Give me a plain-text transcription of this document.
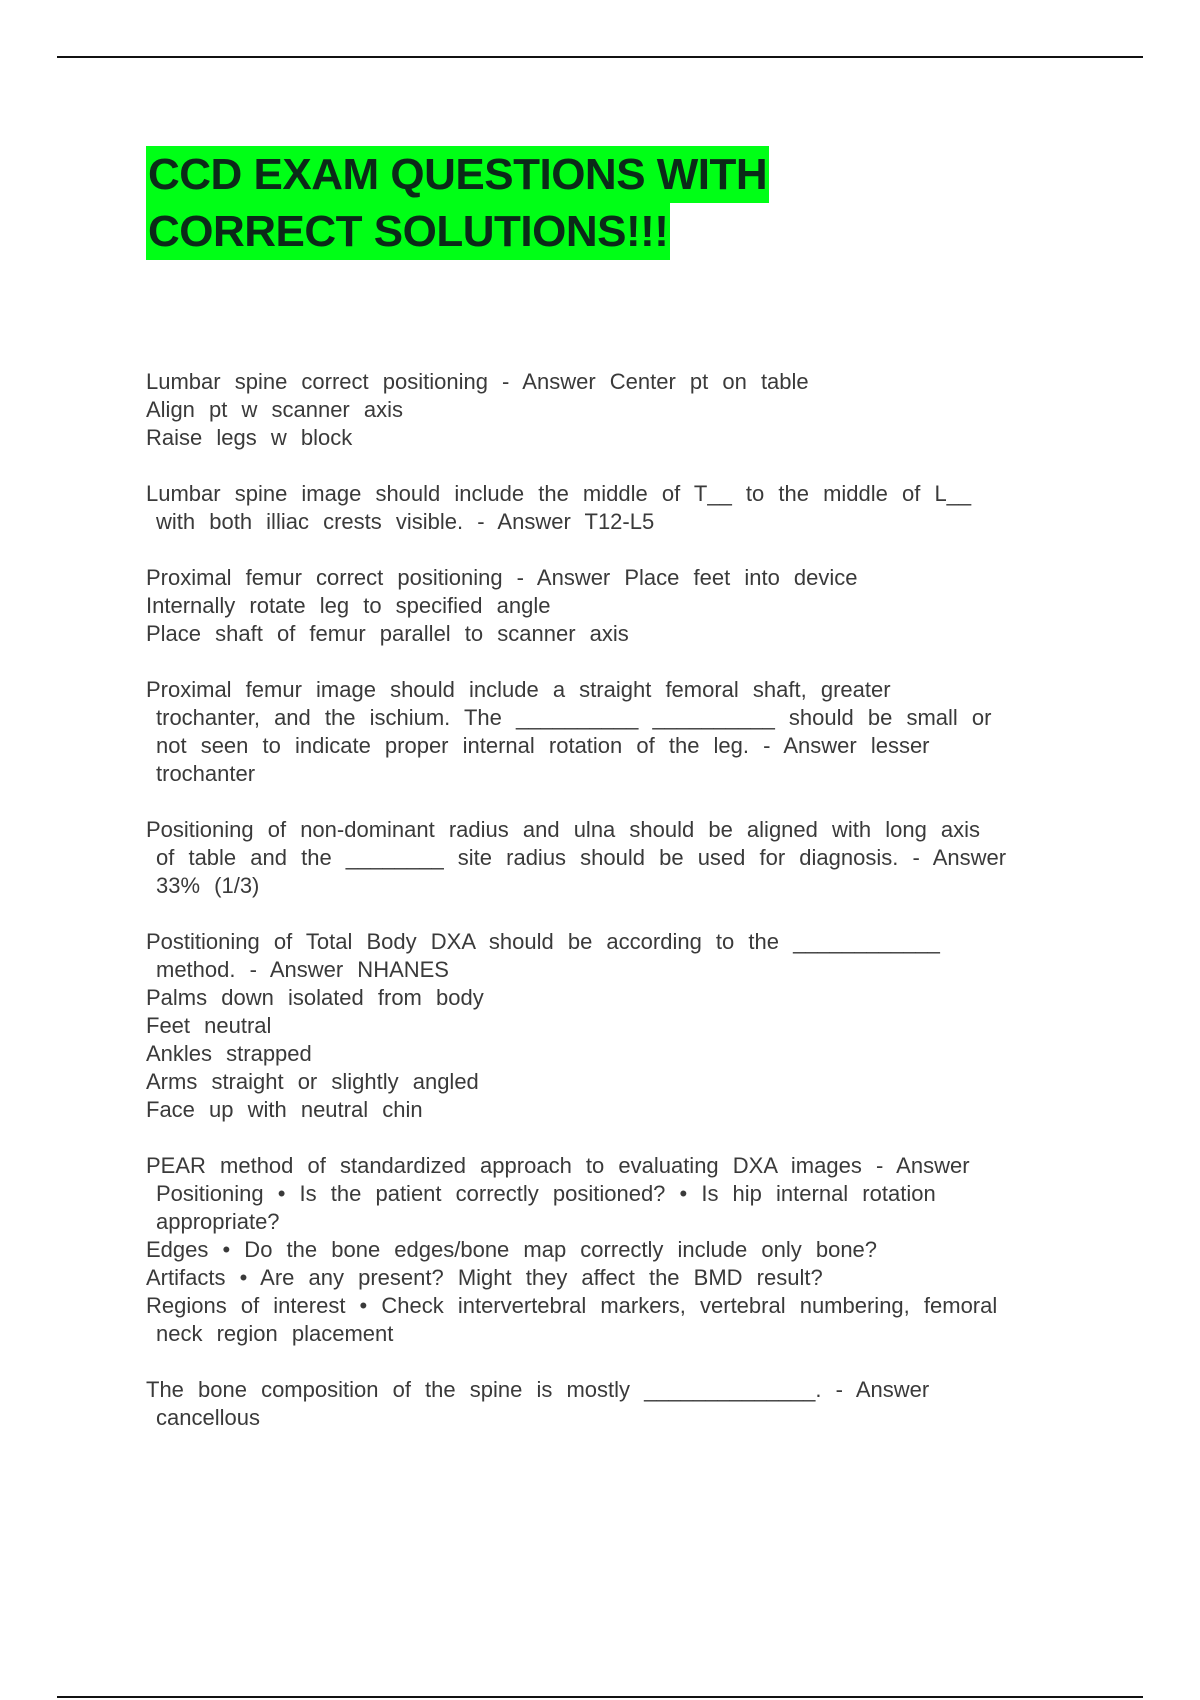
CCD EXAM QUESTIONS WITH
CORRECT SOLUTIONS!!!
Lumbar spine correct positioning - Answer Center pt on table
Align pt w scanner axis
Raise legs w block
Lumbar spine image should include the middle of T__ to the middle of L__
with both illiac crests visible. - Answer T12-L5
Proximal femur correct positioning - Answer Place feet into device
Internally rotate leg to specified angle
Place shaft of femur parallel to scanner axis
Proximal femur image should include a straight femoral shaft, greater
trochanter, and the ischium. The __________ __________ should be small or
not seen to indicate proper internal rotation of the leg. - Answer lesser
trochanter
Positioning of non-dominant radius and ulna should be aligned with long axis
of table and the ________ site radius should be used for diagnosis. - Answer
33% (1/3)
Postitioning of Total Body DXA should be according to the ____________
method. - Answer NHANES
Palms down isolated from body
Feet neutral
Ankles strapped
Arms straight or slightly angled
Face up with neutral chin
PEAR method of standardized approach to evaluating DXA images - Answer
Positioning • Is the patient correctly positioned? • Is hip internal rotation
appropriate?
Edges • Do the bone edges/bone map correctly include only bone?
Artifacts • Are any present? Might they affect the BMD result?
Regions of interest • Check intervertebral markers, vertebral numbering, femoral
neck region placement
The bone composition of the spine is mostly ______________. - Answer
cancellous
